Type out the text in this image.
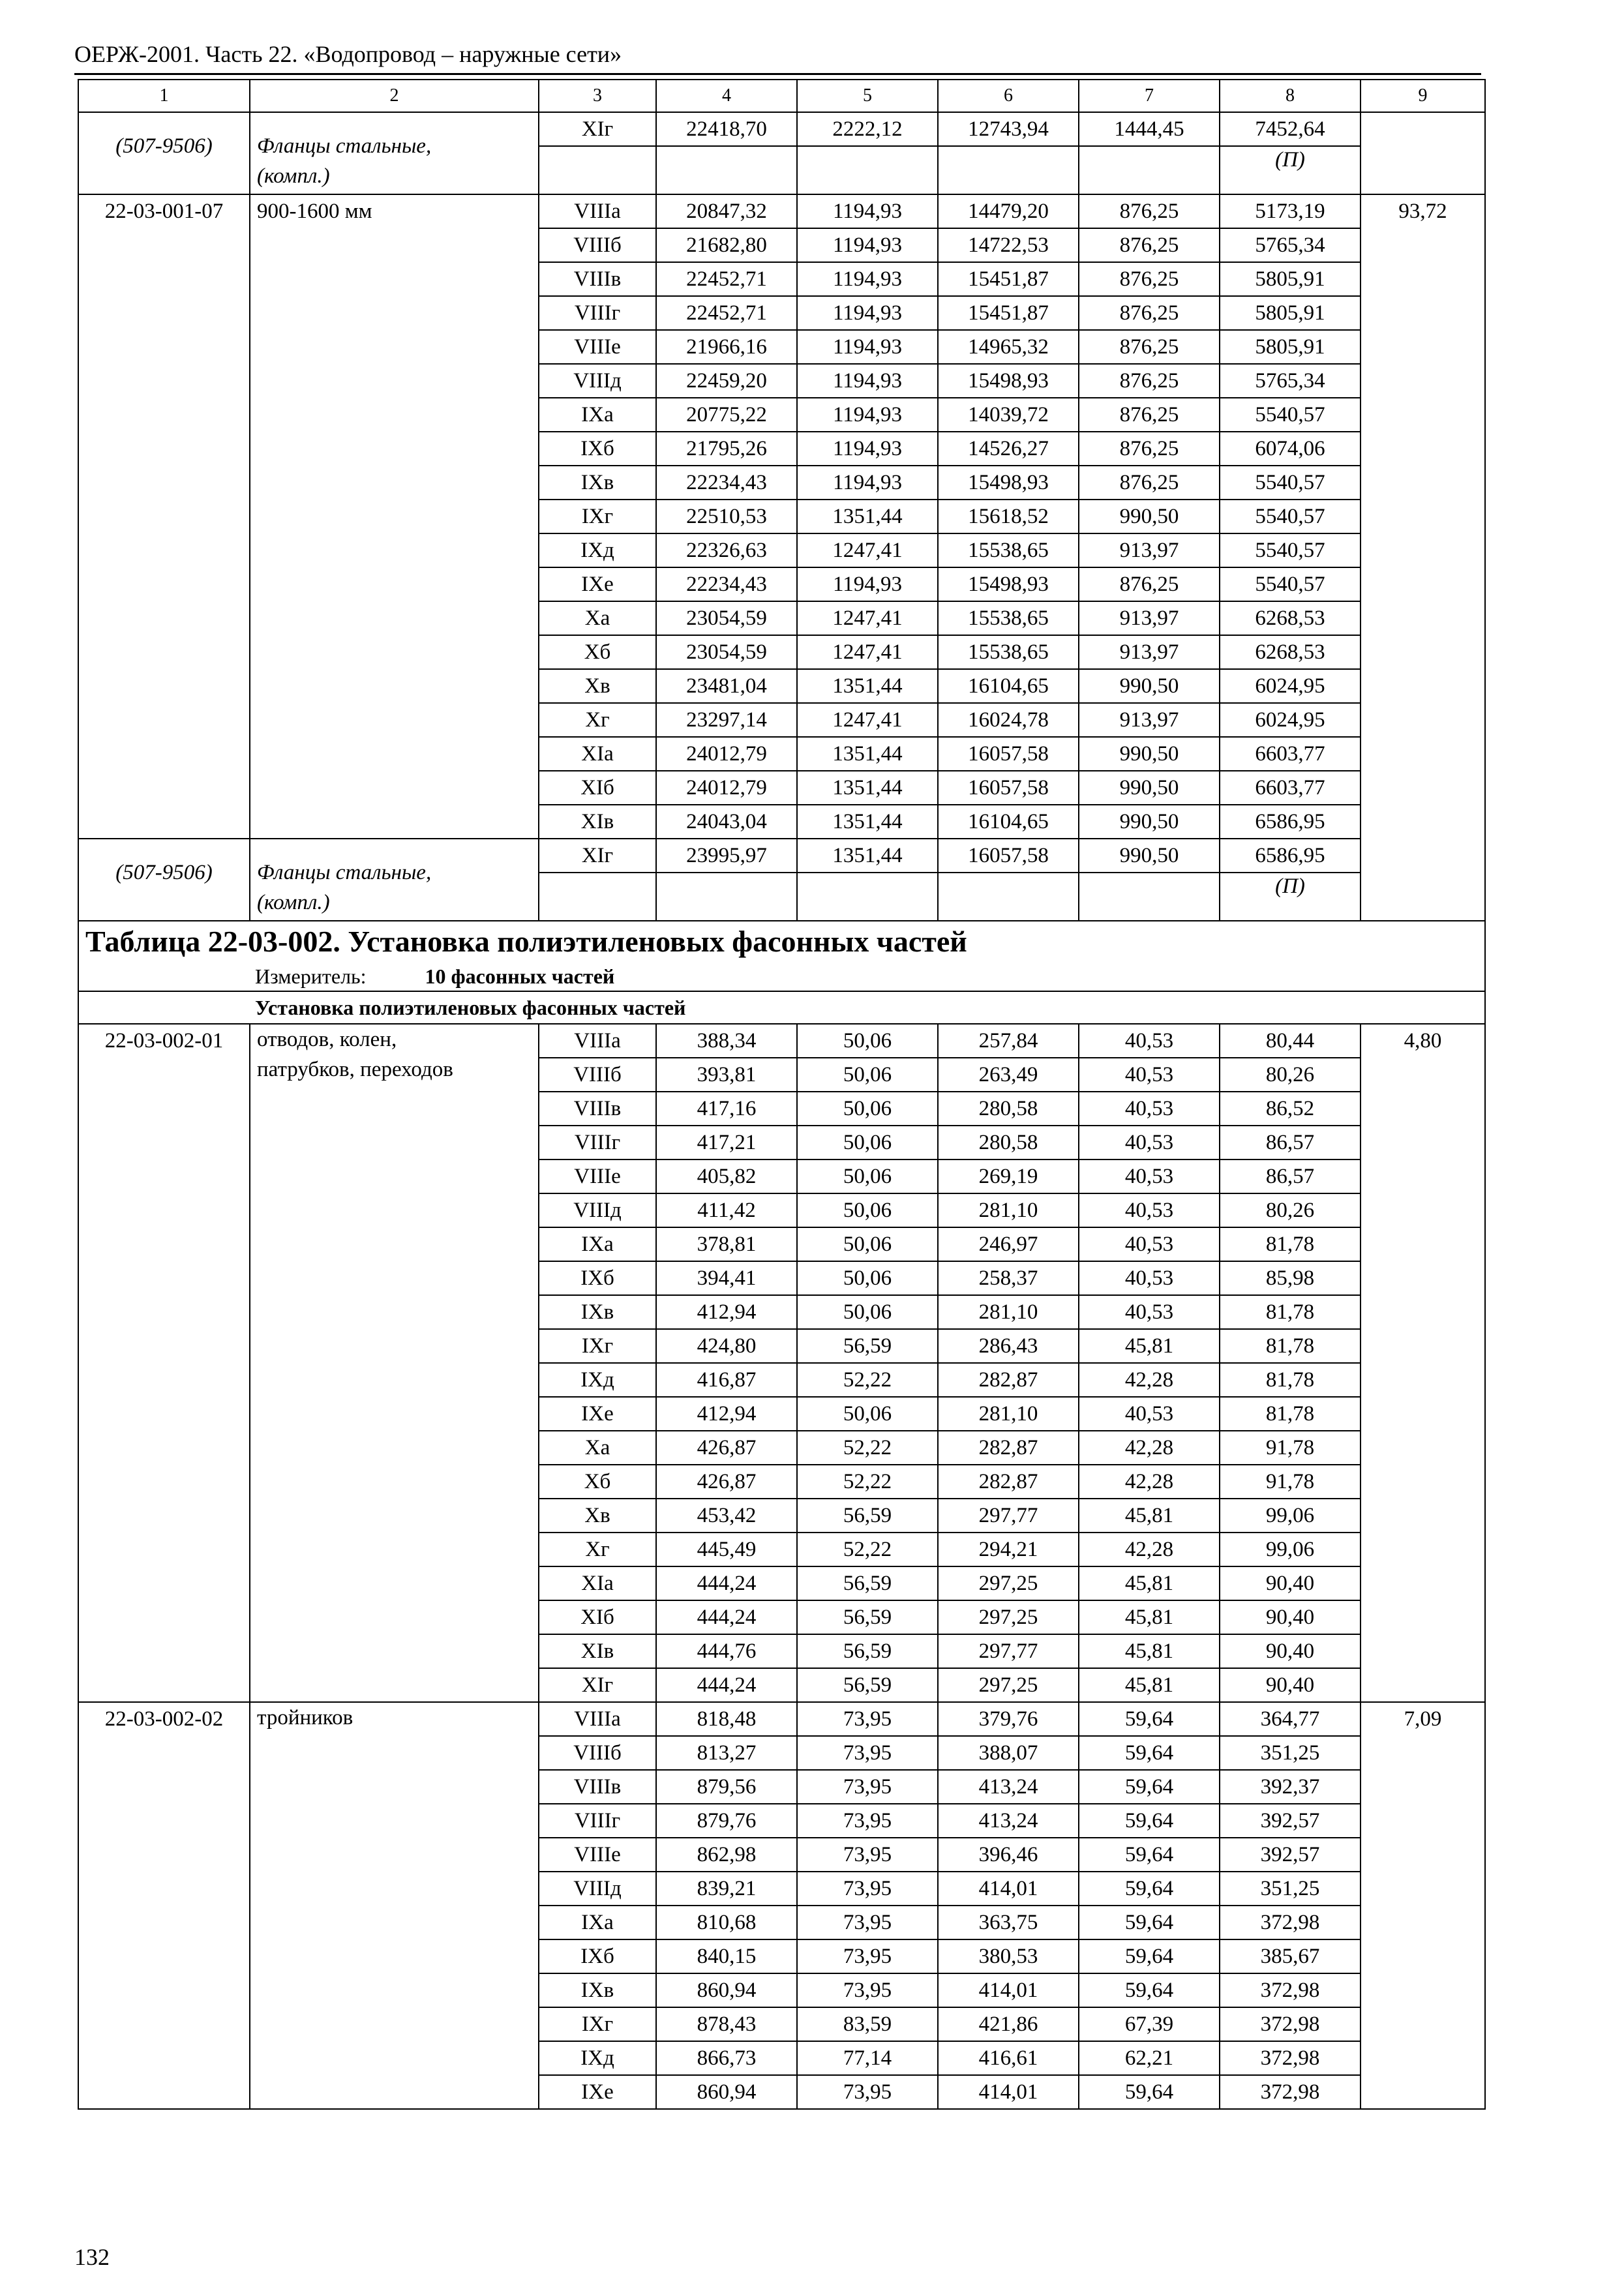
ОЕРЖ-2001. Часть 22. «Водопровод – наружные сети»
1	2	3	4	5	6	7	8	9
(507-9506)	Фланцы стальные,
(компл.)	XIг	22418,70	2222,12	12743,94	1444,45	7452,64	
							(П)	
22-03-001-07	900-1600 мм	VIIIа	20847,32	1194,93	14479,20	876,25	5173,19	93,72
		VIIIб	21682,80	1194,93	14722,53	876,25	5765,34	
		VIIIв	22452,71	1194,93	15451,87	876,25	5805,91	
		VIIIг	22452,71	1194,93	15451,87	876,25	5805,91	
		VIIIе	21966,16	1194,93	14965,32	876,25	5805,91	
		VIIIд	22459,20	1194,93	15498,93	876,25	5765,34	
		IXа	20775,22	1194,93	14039,72	876,25	5540,57	
		IXб	21795,26	1194,93	14526,27	876,25	6074,06	
		IXв	22234,43	1194,93	15498,93	876,25	5540,57	
		IXг	22510,53	1351,44	15618,52	990,50	5540,57	
		IXд	22326,63	1247,41	15538,65	913,97	5540,57	
		IXе	22234,43	1194,93	15498,93	876,25	5540,57	
		Xа	23054,59	1247,41	15538,65	913,97	6268,53	
		Xб	23054,59	1247,41	15538,65	913,97	6268,53	
		Xв	23481,04	1351,44	16104,65	990,50	6024,95	
		Xг	23297,14	1247,41	16024,78	913,97	6024,95	
		XIа	24012,79	1351,44	16057,58	990,50	6603,77	
		XIб	24012,79	1351,44	16057,58	990,50	6603,77	
		XIв	24043,04	1351,44	16104,65	990,50	6586,95	
(507-9506)	Фланцы стальные,
(компл.)	XIг	23995,97	1351,44	16057,58	990,50	6586,95	
							(П)	

Таблица 22-03-002. Установка полиэтиленовых фасонных частей
Измеритель: 10 фасонных частей								

Установка полиэтиленовых фасонных частей								
22-03-002-01	отводов, колен,
патрубков, переходов	VIIIа	388,34	50,06	257,84	40,53	80,44	4,80
		VIIIб	393,81	50,06	263,49	40,53	80,26	
		VIIIв	417,16	50,06	280,58	40,53	86,52	
		VIIIг	417,21	50,06	280,58	40,53	86,57	
		VIIIе	405,82	50,06	269,19	40,53	86,57	
		VIIIд	411,42	50,06	281,10	40,53	80,26	
		IXа	378,81	50,06	246,97	40,53	81,78	
		IXб	394,41	50,06	258,37	40,53	85,98	
		IXв	412,94	50,06	281,10	40,53	81,78	
		IXг	424,80	56,59	286,43	45,81	81,78	
		IXд	416,87	52,22	282,87	42,28	81,78	
		IXе	412,94	50,06	281,10	40,53	81,78	
		Xа	426,87	52,22	282,87	42,28	91,78	
		Xб	426,87	52,22	282,87	42,28	91,78	
		Xв	453,42	56,59	297,77	45,81	99,06	
		Xг	445,49	52,22	294,21	42,28	99,06	
		XIа	444,24	56,59	297,25	45,81	90,40	
		XIб	444,24	56,59	297,25	45,81	90,40	
		XIв	444,76	56,59	297,77	45,81	90,40	
		XIг	444,24	56,59	297,25	45,81	90,40	
22-03-002-02	тройников	VIIIа	818,48	73,95	379,76	59,64	364,77	7,09
		VIIIб	813,27	73,95	388,07	59,64	351,25	
		VIIIв	879,56	73,95	413,24	59,64	392,37	
		VIIIг	879,76	73,95	413,24	59,64	392,57	
		VIIIе	862,98	73,95	396,46	59,64	392,57	
		VIIIд	839,21	73,95	414,01	59,64	351,25	
		IXа	810,68	73,95	363,75	59,64	372,98	
		IXб	840,15	73,95	380,53	59,64	385,67	
		IXв	860,94	73,95	414,01	59,64	372,98	
		IXг	878,43	83,59	421,86	67,39	372,98	
		IXд	866,73	77,14	416,61	62,21	372,98	
		IXе	860,94	73,95	414,01	59,64	372,98	
132
